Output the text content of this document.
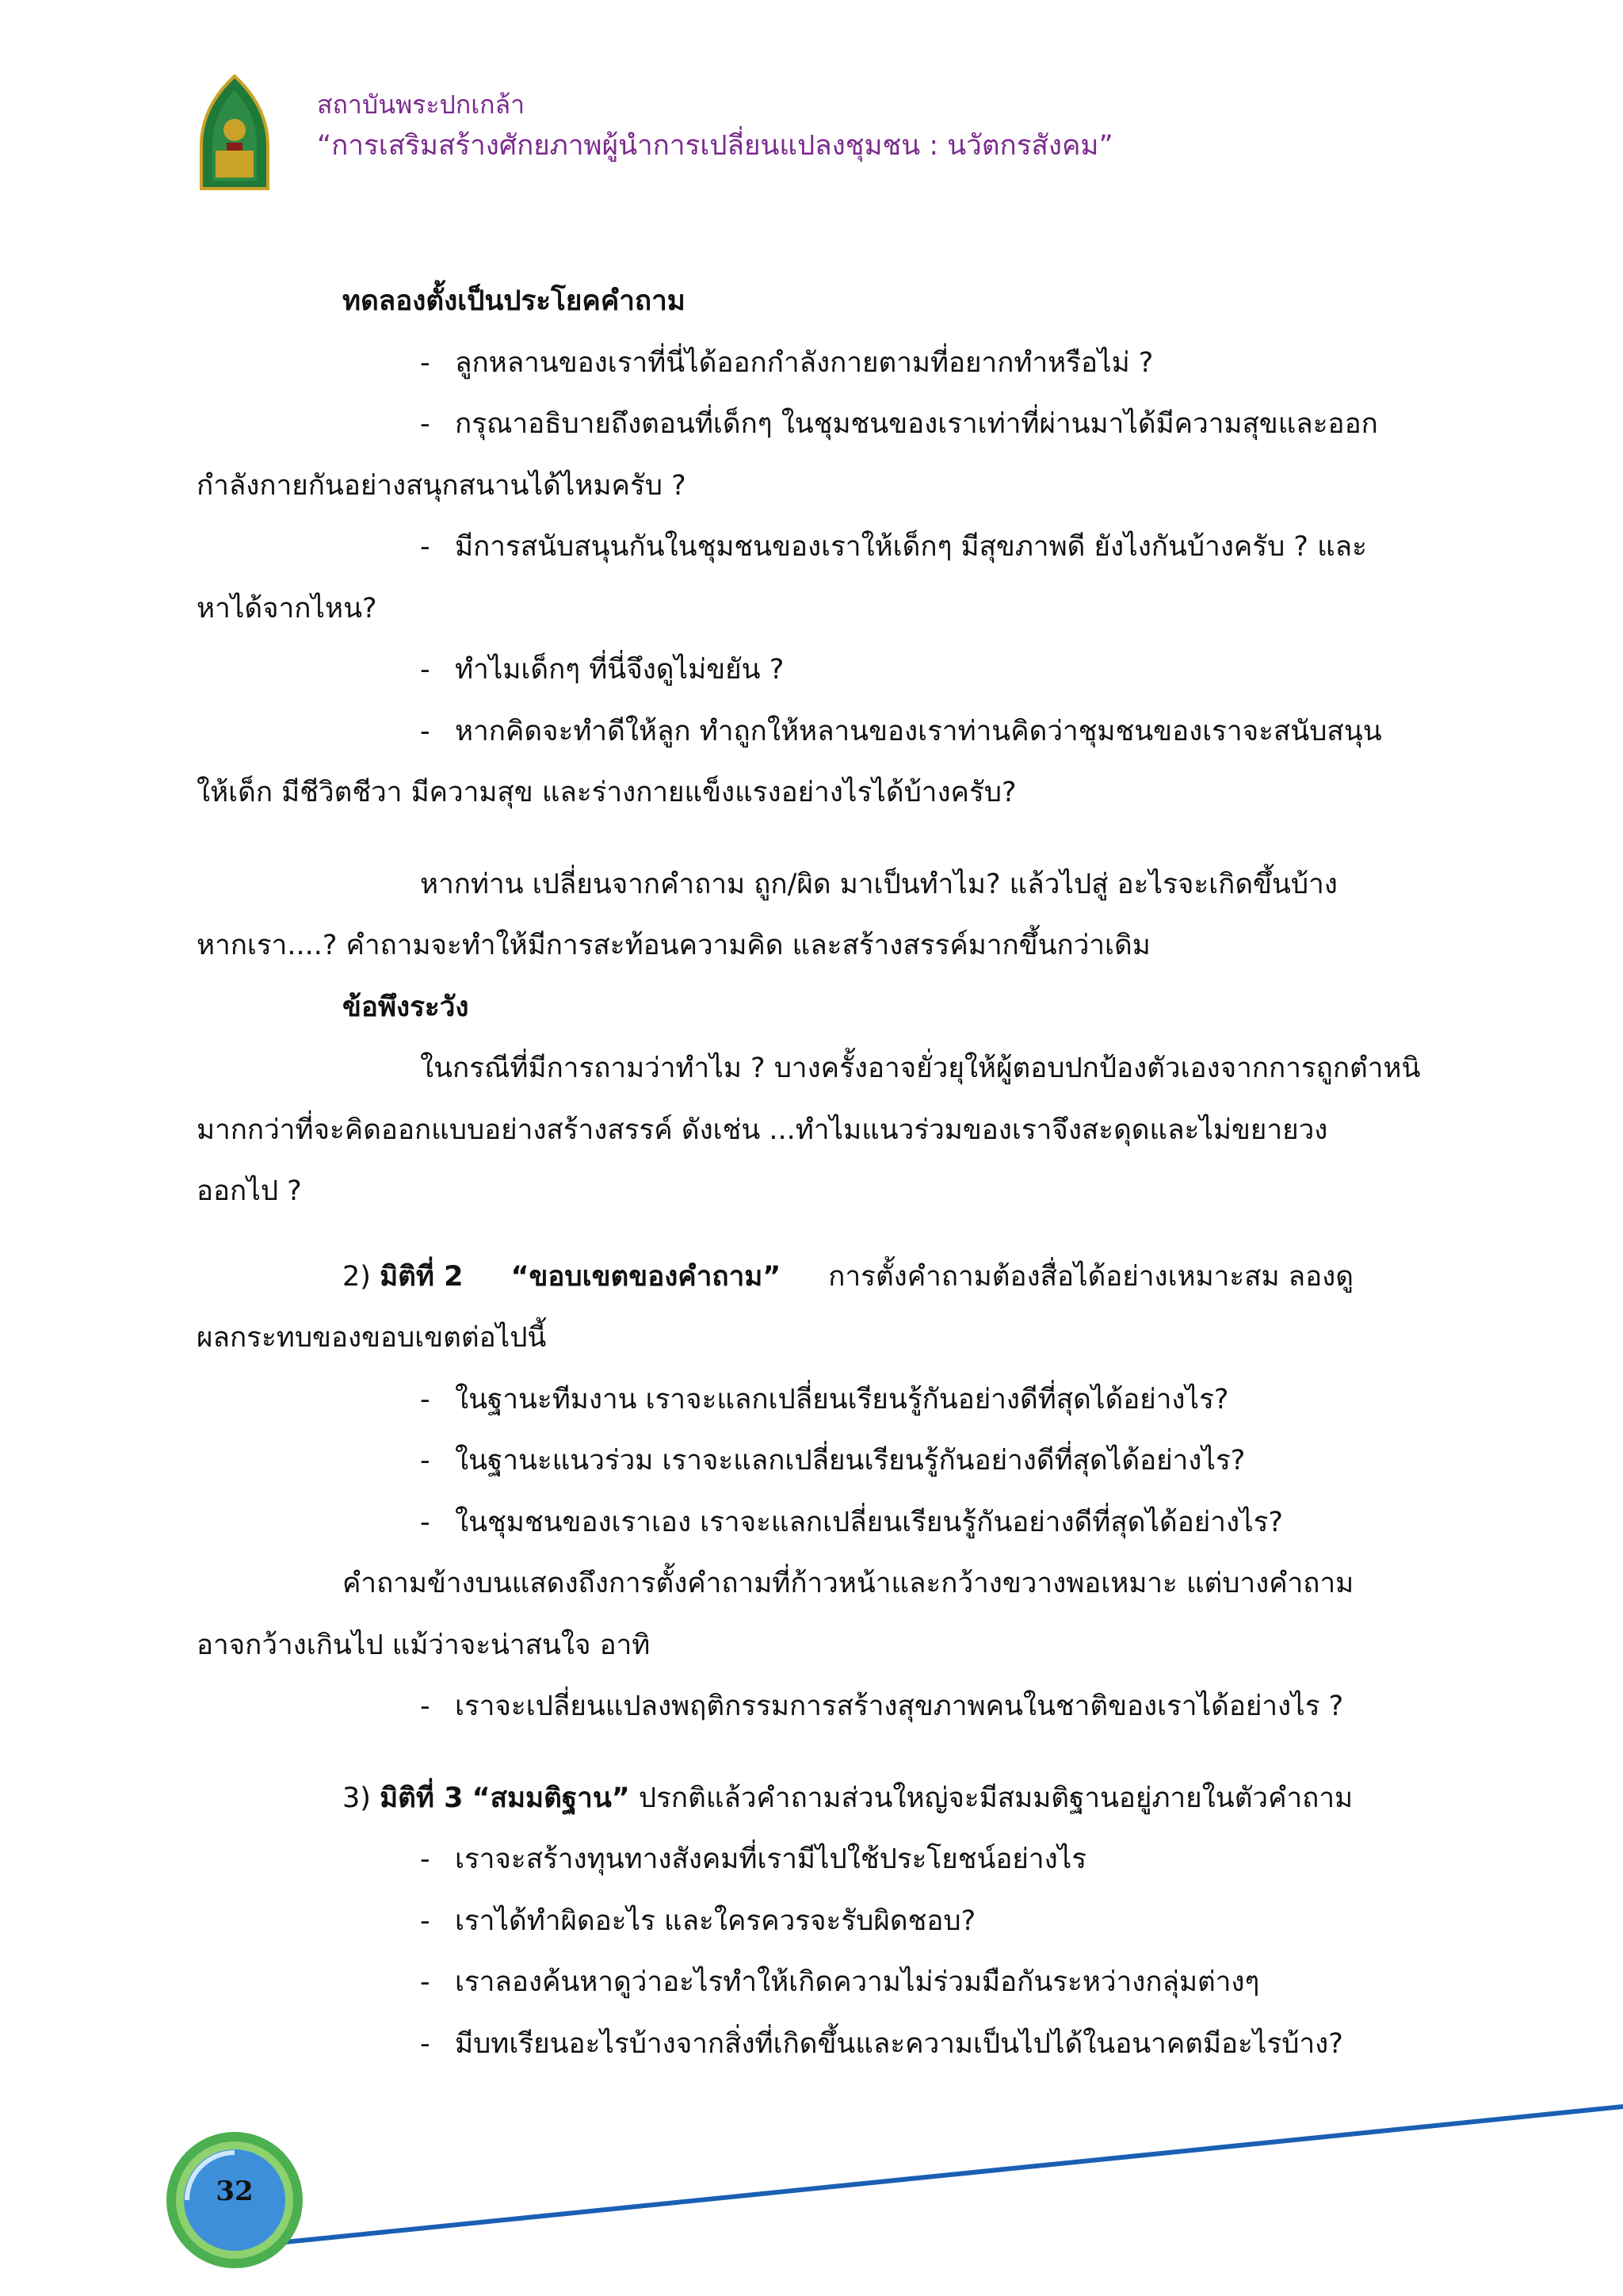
สถาบันพระปกเกล้า
“การเสริมสร้างศักยภาพผู้นำการเปลี่ยนแปลงชุมชน : นวัตกรสังคม”
ทดลองตั้งเป็นประโยคคำถาม
- ลูกหลานของเราที่นี่ได้ออกกำลังกายตามที่อยากทำหรือไม่ ?
- กรุณาอธิบายถึงตอนที่เด็กๆ ในชุมชนของเราเท่าที่ผ่านมาได้มีความสุขและออก
กำลังกายกันอย่างสนุกสนานได้ไหมครับ ?
- มีการสนับสนุนกันในชุมชนของเราให้เด็กๆ มีสุขภาพดี ยังไงกันบ้างครับ ? และ
หาได้จากไหน?
- ทำไมเด็กๆ ที่นี่จึงดูไม่ขยัน ?
- หากคิดจะทำดีให้ลูก ทำถูกให้หลานของเราท่านคิดว่าชุมชนของเราจะสนับสนุน
ให้เด็ก มีชีวิตชีวา มีความสุข และร่างกายแข็งแรงอย่างไรได้บ้างครับ?
หากท่าน เปลี่ยนจากคำถาม ถูก/ผิด มาเป็นทำไม? แล้วไปสู่ อะไรจะเกิดขึ้นบ้าง
หากเรา....? คำถามจะทำให้มีการสะท้อนความคิด และสร้างสรรค์มากขึ้นกว่าเดิม
ข้อพึงระวัง
ในกรณีที่มีการถามว่าทำไม ? บางครั้งอาจยั่วยุให้ผู้ตอบปกป้องตัวเองจากการถูกตำหนิ
มากกว่าที่จะคิดออกแบบอย่างสร้างสรรค์ ดังเช่น ...ทำไมแนวร่วมของเราจึงสะดุดและไม่ขยายวง
ออกไป ?
2) มิติที่ 2 “ขอบเขตของคำถาม” การตั้งคำถามต้องสื่อได้อย่างเหมาะสม ลองดู
ผลกระทบของขอบเขตต่อไปนี้
- ในฐานะทีมงาน เราจะแลกเปลี่ยนเรียนรู้กันอย่างดีที่สุดได้อย่างไร?
- ในฐานะแนวร่วม เราจะแลกเปลี่ยนเรียนรู้กันอย่างดีที่สุดได้อย่างไร?
- ในชุมชนของเราเอง เราจะแลกเปลี่ยนเรียนรู้กันอย่างดีที่สุดได้อย่างไร?
คำถามข้างบนแสดงถึงการตั้งคำถามที่ก้าวหน้าและกว้างขวางพอเหมาะ แต่บางคำถาม
อาจกว้างเกินไป แม้ว่าจะน่าสนใจ อาทิ
- เราจะเปลี่ยนแปลงพฤติกรรมการสร้างสุขภาพคนในชาติของเราได้อย่างไร ?
3) มิติที่ 3 “สมมติฐาน” ปรกติแล้วคำถามส่วนใหญ่จะมีสมมติฐานอยู่ภายในตัวคำถาม
- เราจะสร้างทุนทางสังคมที่เรามีไปใช้ประโยชน์อย่างไร
- เราได้ทำผิดอะไร และใครควรจะรับผิดชอบ?
- เราลองค้นหาดูว่าอะไรทำให้เกิดความไม่ร่วมมือกันระหว่างกลุ่มต่างๆ
- มีบทเรียนอะไรบ้างจากสิ่งที่เกิดขึ้นและความเป็นไปได้ในอนาคตมีอะไรบ้าง?
32
